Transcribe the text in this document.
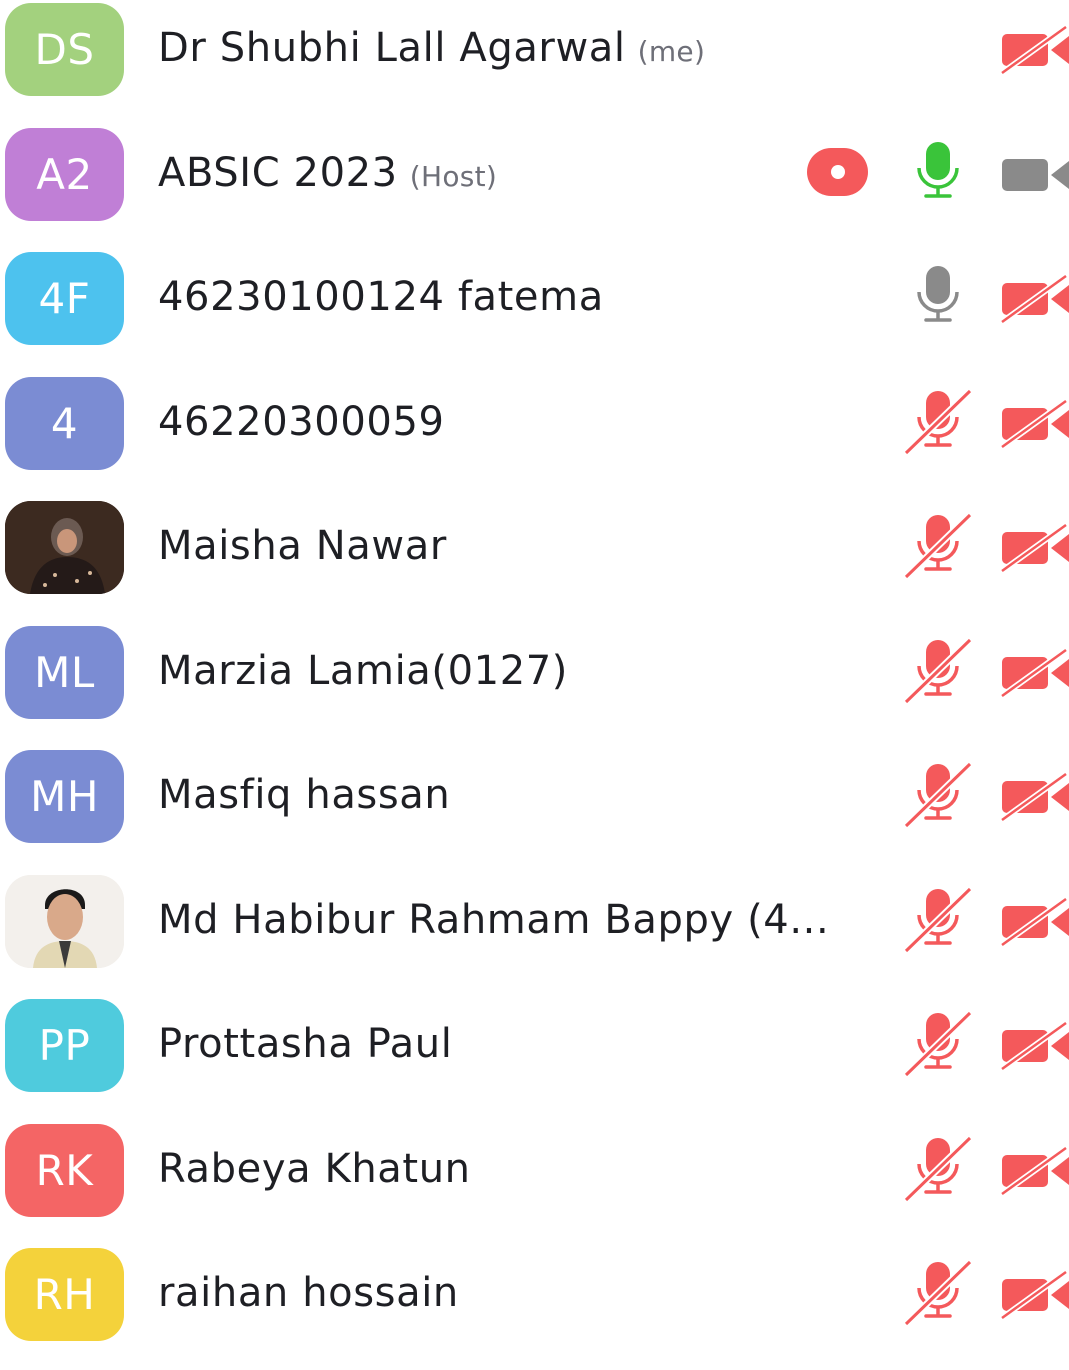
DS	Dr Shubhi Lall Agarwal (me)
A2	ABSIC 2023 (Host)
4F	46230100124 fatema
4	46220300059
Maisha Nawar
ML	Marzia Lamia(0127)
MH	Masfiq hassan
Md Habibur Rahmam Bappy (4...
PP	Prottasha Paul
RK	Rabeya Khatun
RH	raihan hossain
